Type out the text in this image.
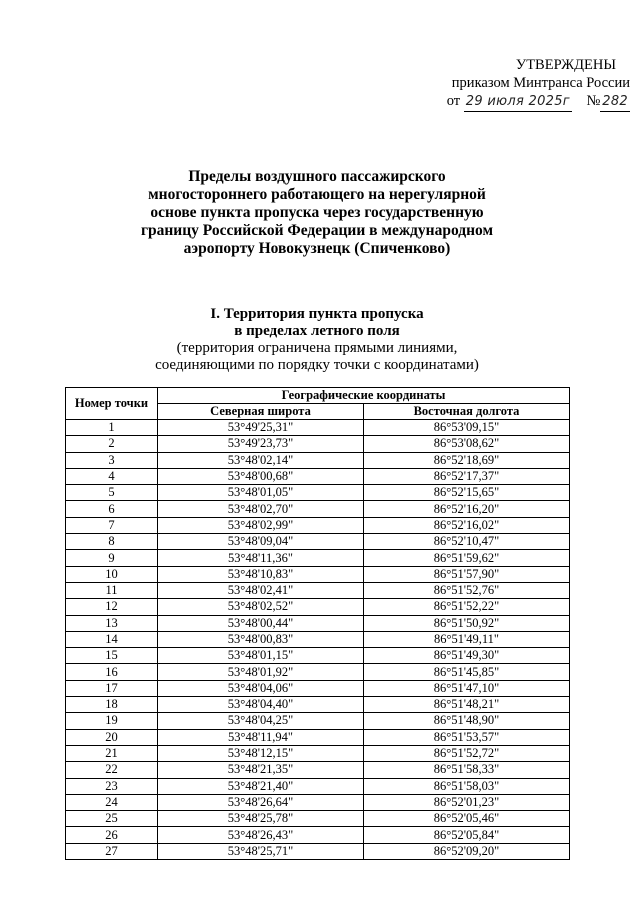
УТВЕРЖДЕНЫ
приказом Минтранса России
от 29 июля 2025г № 282
Пределы воздушного пассажирского
многостороннего работающего на нерегулярной
основе пункта пропуска через государственную
границу Российской Федерации в международном
аэропорту Новокузнецк (Спиченково)
I. Территория пункта пропуска
в пределах летного поля
(территория ограничена прямыми линиями,
соединяющими по порядку точки с координатами)
Номер точки	Географические координаты	
	Северная широта	Восточная долгота
1	53°49'25,31"	86°53'09,15"
2	53°49'23,73"	86°53'08,62"
3	53°48'02,14"	86°52'18,69"
4	53°48'00,68"	86°52'17,37"
5	53°48'01,05"	86°52'15,65"
6	53°48'02,70"	86°52'16,20"
7	53°48'02,99"	86°52'16,02"
8	53°48'09,04"	86°52'10,47"
9	53°48'11,36"	86°51'59,62"
10	53°48'10,83"	86°51'57,90"
11	53°48'02,41"	86°51'52,76"
12	53°48'02,52"	86°51'52,22"
13	53°48'00,44"	86°51'50,92"
14	53°48'00,83"	86°51'49,11"
15	53°48'01,15"	86°51'49,30"
16	53°48'01,92"	86°51'45,85"
17	53°48'04,06"	86°51'47,10"
18	53°48'04,40"	86°51'48,21"
19	53°48'04,25"	86°51'48,90"
20	53°48'11,94"	86°51'53,57"
21	53°48'12,15"	86°51'52,72"
22	53°48'21,35"	86°51'58,33"
23	53°48'21,40"	86°51'58,03"
24	53°48'26,64"	86°52'01,23"
25	53°48'25,78"	86°52'05,46"
26	53°48'26,43"	86°52'05,84"
27	53°48'25,71"	86°52'09,20"
